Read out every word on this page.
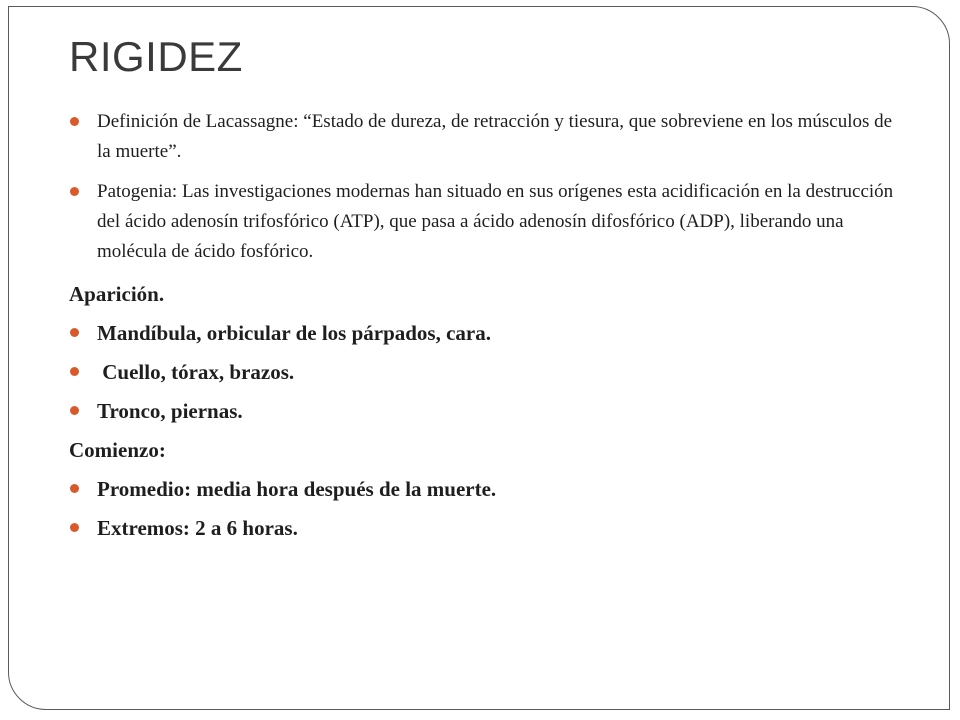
RIGIDEZ

Definición de Lacassagne: “Estado de dureza, de retracción y tiesura, que sobreviene en los músculos de la muerte”.

Patogenia: Las investigaciones modernas han situado en sus orígenes esta acidificación en la destrucción del ácido adenosín trifosfórico (ATP), que pasa a ácido adenosín difosfórico (ADP), liberando una molécula de ácido fosfórico.

Aparición.

Mandíbula, orbicular de los párpados, cara.

Cuello, tórax, brazos.

Tronco, piernas.

Comienzo:

Promedio: media hora después de la muerte.

Extremos: 2 a 6 horas.
